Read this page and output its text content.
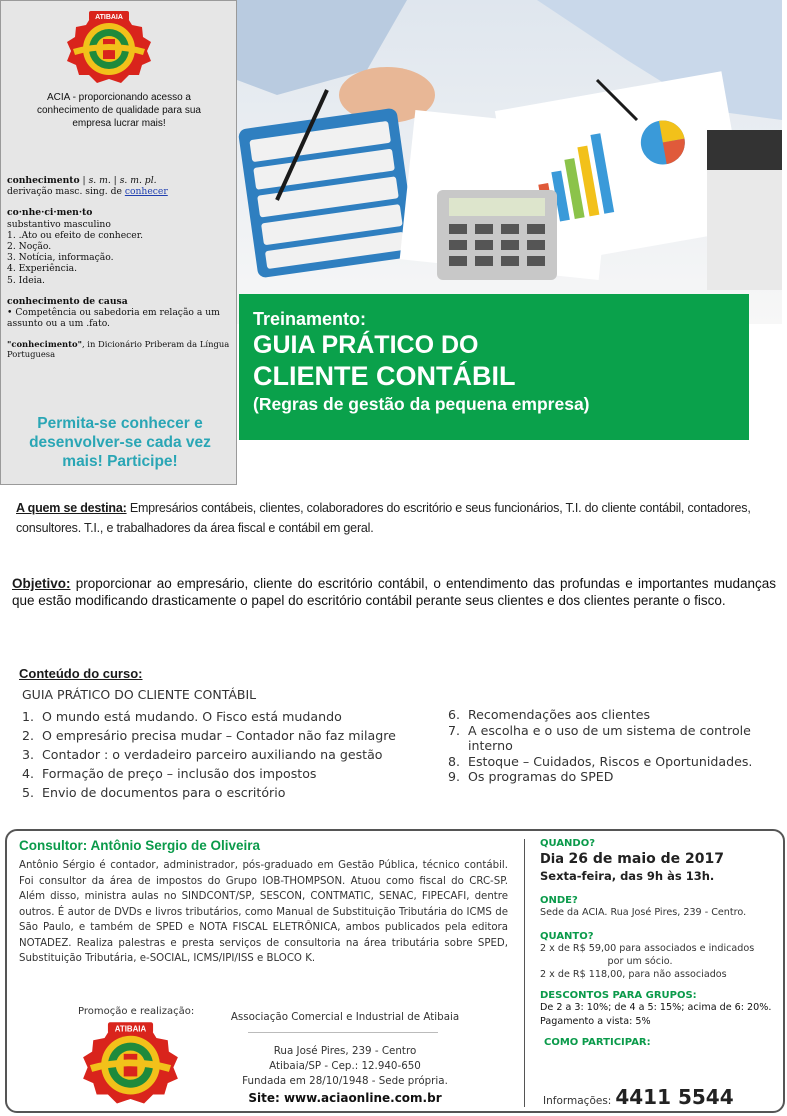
ATIBAIA
ACIA - proporcionando acesso a conhecimento de qualidade para sua empresa lucrar mais!
conhecimento | s. m. | s. m. pl.
derivação masc. sing. de conhecer
co·nhe·ci·men·to
substantivo masculino
1. .Ato ou efeito de conhecer.
2. Noção.
3. Notícia, informação.
4. Experiência.
5. Ideia.
conhecimento de causa
• Competência ou sabedoria em relação a um assunto ou a um .fato.
"conhecimento", in Dicionário Priberam da Língua Portuguesa
Permita-se conhecer e desenvolver-se cada vez mais! Participe!
Treinamento:
GUIA PRÁTICO DO
CLIENTE CONTÁBIL
(Regras de gestão da pequena empresa)
A quem se destina: Empresários contábeis, clientes, colaboradores do escritório e seus funcionários, T.I. do cliente contábil, contadores, consultores. T.I., e trabalhadores da área fiscal e contábil em geral.
Objetivo: proporcionar ao empresário, cliente do escritório contábil, o entendimento das profundas e importantes mudanças que estão modificando drasticamente o papel do escritório contábil perante seus clientes e dos clientes perante o fisco.
Conteúdo do curso:
GUIA PRÁTICO DO CLIENTE CONTÁBIL
1. O mundo está mudando. O Fisco está mudando
2. O empresário precisa mudar – Contador não faz milagre
3. Contador : o verdadeiro parceiro auxiliando na gestão
4. Formação de preço – inclusão dos impostos
5. Envio de documentos para o escritório
6. Recomendações aos clientes
7. A escolha e o uso de um sistema de controle interno
8. Estoque – Cuidados, Riscos e Oportunidades.
9. Os programas do SPED
Consultor: Antônio Sergio de Oliveira
Antônio Sérgio é contador, administrador, pós-graduado em Gestão Pública, técnico contábil. Foi consultor da área de impostos do Grupo IOB-THOMPSON. Atuou como fiscal do CRC-SP. Além disso, ministra aulas no SINDCONT/SP, SESCON, CONTMATIC, SENAC, FIPECAFI, dentre outros. É autor de DVDs e livros tributários, como Manual de Substituição Tributária do ICMS de São Paulo, e também de SPED e NOTA FISCAL ELETRÔNICA, ambos publicados pela editora NOTADEZ. Realiza palestras e presta serviços de consultoria na área tributária sobre SPED, Substituição Tributária, e-SOCIAL, ICMS/IPI/ISS e BLOCO K.
Promoção e realização:
ATIBAIA
Associação Comercial e Industrial de Atibaia
Rua José Pires, 239 - Centro
Atibaia/SP - Cep.: 12.940-650
Fundada em 28/10/1948 - Sede própria.
Site: www.aciaonline.com.br
QUANDO?
Dia 26 de maio de 2017
Sexta-feira, das 9h às 13h.
ONDE?
Sede da ACIA. Rua José Pires, 239 - Centro.
QUANTO?
2 x de R$ 59,00 para associados e indicados
por um sócio.
2 x de R$ 118,00, para não associados
DESCONTOS PARA GRUPOS:
De 2 a 3: 10%; de 4 a 5: 15%; acima de 6: 20%.
Pagamento a vista: 5%
COMO PARTICIPAR:
Informações: 4411 5544
